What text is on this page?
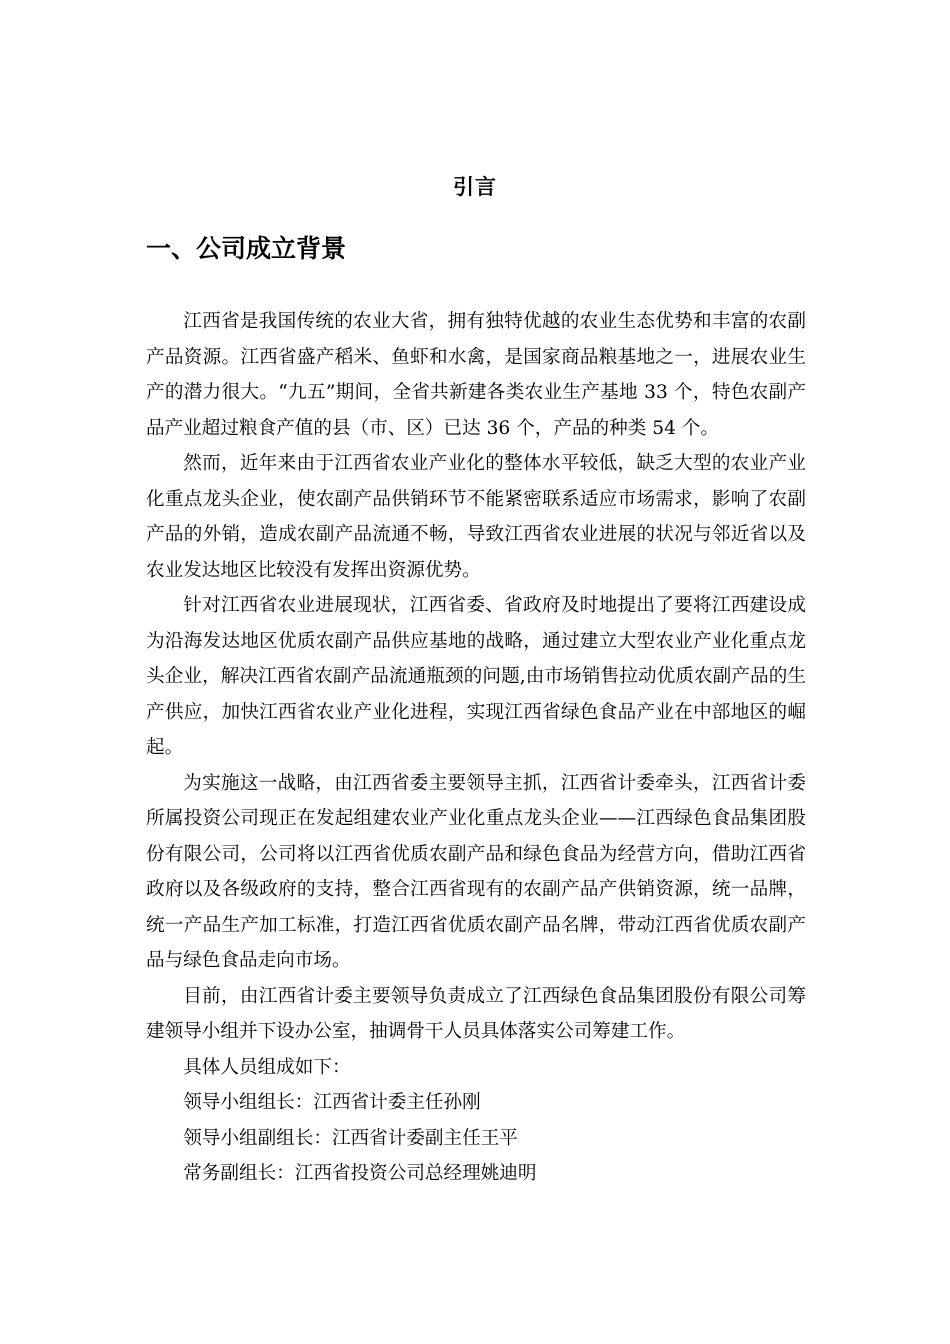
引言
一、公司成立背景

江西省是我国传统的农业大省，拥有独特优越的农业生态优势和丰富的农副产品资源。江西省盛产稻米、鱼虾和水禽，是国家商品粮基地之一，进展农业生产的潜力很大。“九五”期间，全省共新建各类农业生产基地 33 个，特色农副产品产业超过粮食产值的县（市、区）已达 36 个，产品的种类 54 个。

然而，近年来由于江西省农业产业化的整体水平较低，缺乏大型的农业产业化重点龙头企业，使农副产品供销环节不能紧密联系适应市场需求，影响了农副产品的外销，造成农副产品流通不畅，导致江西省农业进展的状况与邻近省以及农业发达地区比较没有发挥出资源优势。

针对江西省农业进展现状，江西省委、省政府及时地提出了要将江西建设成为沿海发达地区优质农副产品供应基地的战略，通过建立大型农业产业化重点龙头企业，解决江西省农副产品流通瓶颈的问题,由市场销售拉动优质农副产品的生产供应，加快江西省农业产业化进程，实现江西省绿色食品产业在中部地区的崛起。

为实施这一战略，由江西省委主要领导主抓，江西省计委牵头，江西省计委所属投资公司现正在发起组建农业产业化重点龙头企业——江西绿色食品集团股份有限公司，公司将以江西省优质农副产品和绿色食品为经营方向，借助江西省政府以及各级政府的支持，整合江西省现有的农副产品产供销资源，统一品牌，统一产品生产加工标准，打造江西省优质农副产品名牌，带动江西省优质农副产品与绿色食品走向市场。

目前，由江西省计委主要领导负责成立了江西绿色食品集团股份有限公司筹建领导小组并下设办公室，抽调骨干人员具体落实公司筹建工作。

具体人员组成如下：

领导小组组长：江西省计委主任孙刚

领导小组副组长：江西省计委副主任王平

常务副组长：江西省投资公司总经理姚迪明
